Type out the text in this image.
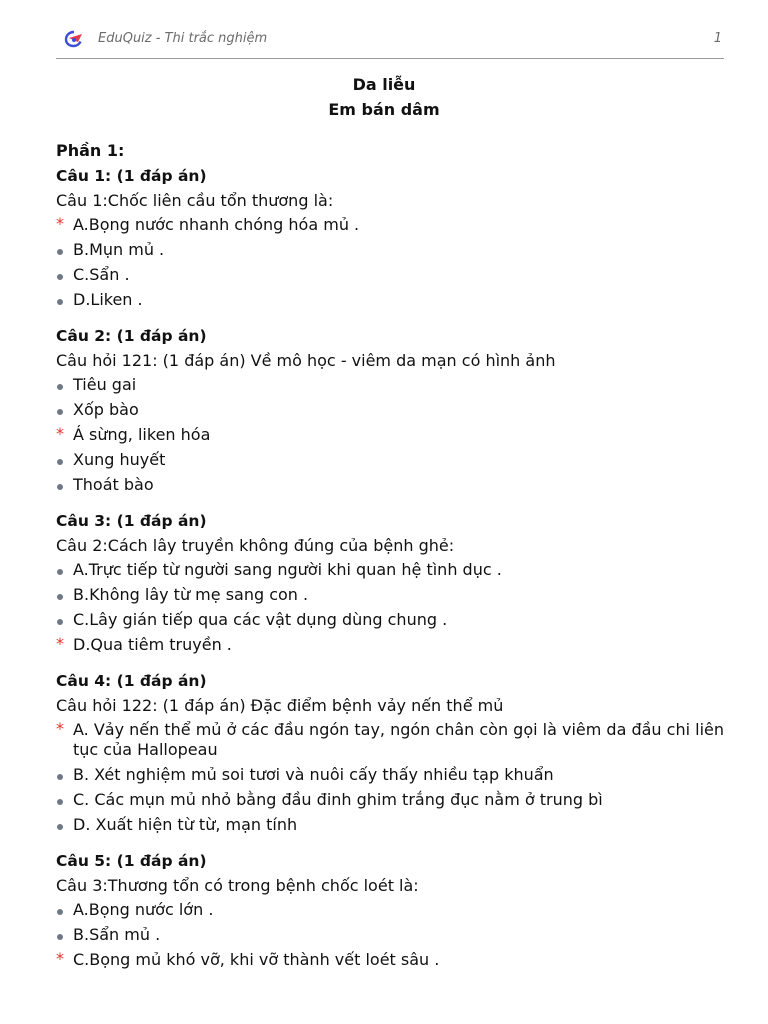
EduQuiz - Thi trắc nghiệm	1
Da liễu
Em bán dâm
Phần 1:
Câu 1: (1 đáp án)
Câu 1:Chốc liên cầu tổn thương là:
* A.Bọng nước nhanh chóng hóa mủ .
B.Mụn mủ .
C.Sẩn .
D.Liken .
Câu 2: (1 đáp án)
Câu hỏi 121: (1 đáp án) Về mô học - viêm da mạn có hình ảnh
Tiêu gai
Xốp bào
* Á sừng, liken hóa
Xung huyết
Thoát bào
Câu 3: (1 đáp án)
Câu 2:Cách lây truyền không đúng của bệnh ghẻ:
A.Trực tiếp từ người sang người khi quan hệ tình dục .
B.Không lây từ mẹ sang con .
C.Lây gián tiếp qua các vật dụng dùng chung .
* D.Qua tiêm truyền .
Câu 4: (1 đáp án)
Câu hỏi 122: (1 đáp án) Đặc điểm bệnh vảy nến thể mủ
* A. Vảy nến thể mủ ở các đầu ngón tay, ngón chân còn gọi là viêm da đầu chi liên tục của Hallopeau
B. Xét nghiệm mủ soi tươi và nuôi cấy thấy nhiều tạp khuẩn
C. Các mụn mủ nhỏ bằng đầu đinh ghim trắng đục nằm ở trung bì
D. Xuất hiện từ từ, mạn tính
Câu 5: (1 đáp án)
Câu 3:Thương tổn có trong bệnh chốc loét là:
A.Bọng nước lớn .
B.Sẩn mủ .
* C.Bọng mủ khó vỡ, khi vỡ thành vết loét sâu .
